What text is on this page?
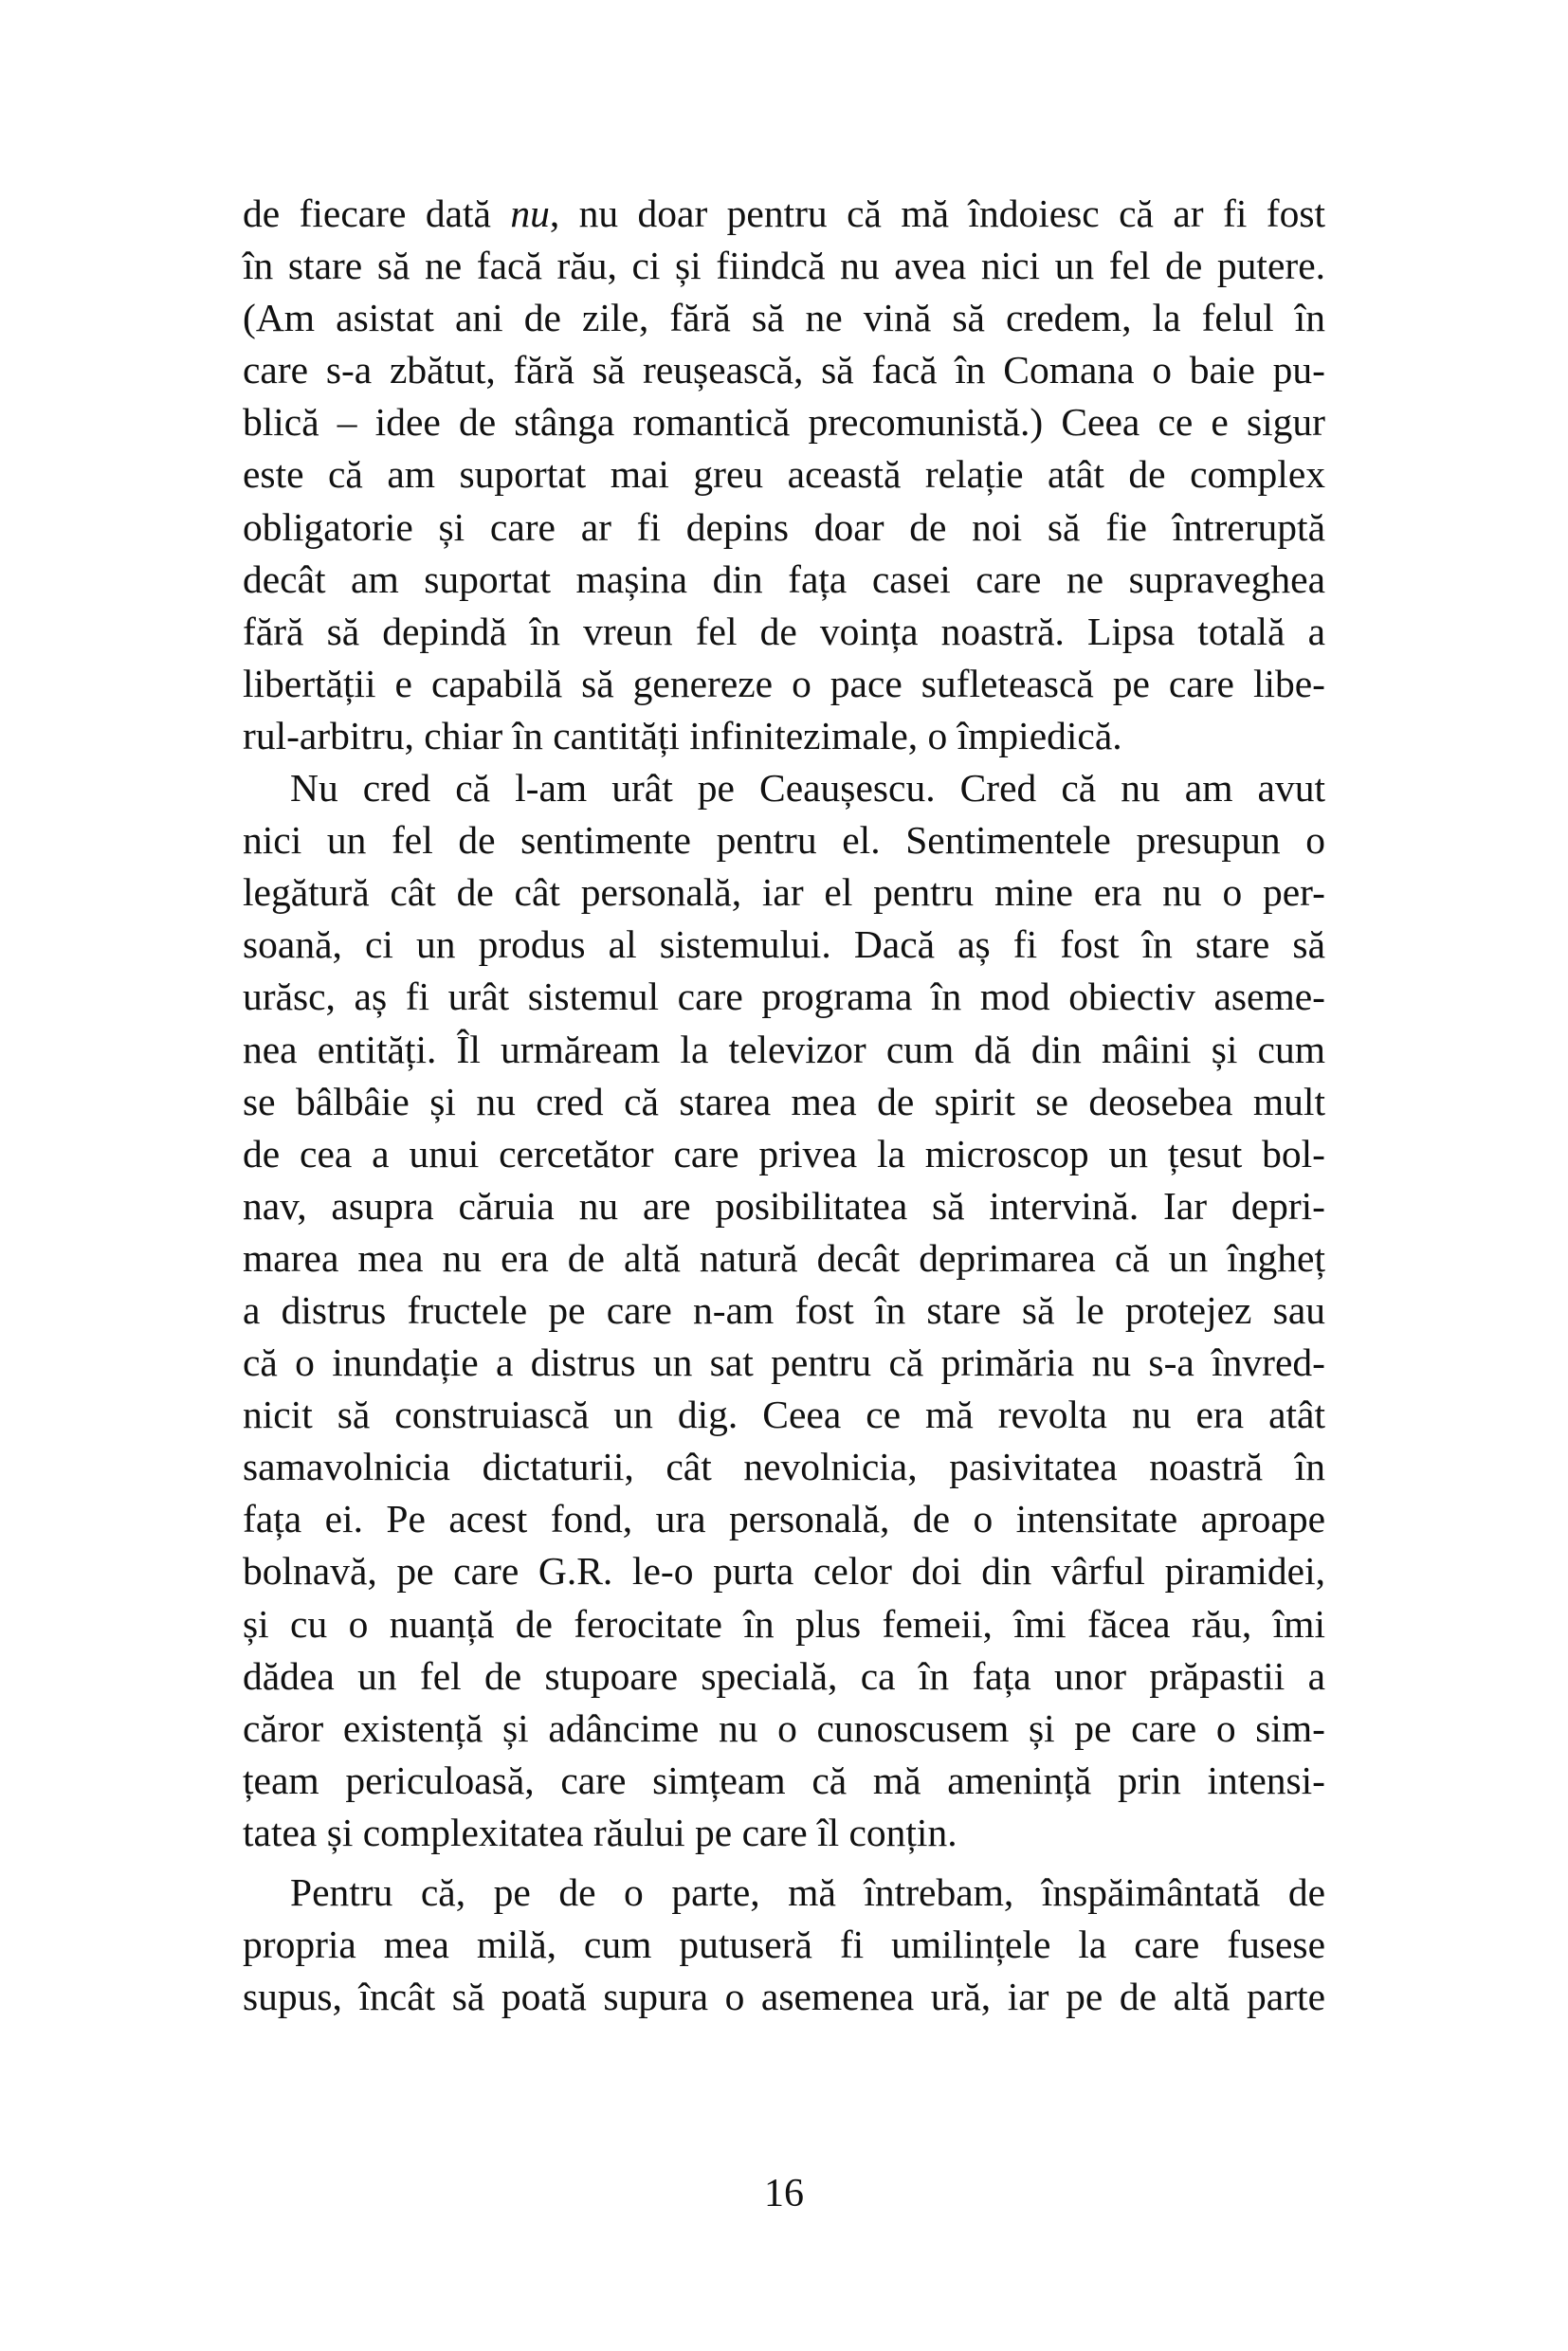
de fiecare dată nu, nu doar pentru că mă îndoiesc că ar fi fost
în stare să ne facă rău, ci și fiindcă nu avea nici un fel de putere.
(Am asistat ani de zile, fără să ne vină să credem, la felul în
care s-a zbătut, fără să reușească, să facă în Comana o baie pu-
blică – idee de stânga romantică precomunistă.) Ceea ce e sigur
este că am suportat mai greu această relație atât de complex
obligatorie și care ar fi depins doar de noi să fie întreruptă
decât am suportat mașina din fața casei care ne supraveghea
fără să depindă în vreun fel de voința noastră. Lipsa totală a
libertății e capabilă să genereze o pace sufletească pe care libe-
rul-arbitru, chiar în cantități infinitezimale, o împiedică.
Nu cred că l-am urât pe Ceaușescu. Cred că nu am avut
nici un fel de sentimente pentru el. Sentimentele presupun o
legătură cât de cât personală, iar el pentru mine era nu o per-
soană, ci un produs al sistemului. Dacă aș fi fost în stare să
urăsc, aș fi urât sistemul care programa în mod obiectiv aseme-
nea entități. Îl urmăream la televizor cum dă din mâini și cum
se bâlbâie și nu cred că starea mea de spirit se deosebea mult
de cea a unui cercetător care privea la microscop un țesut bol-
nav, asupra căruia nu are posibilitatea să intervină. Iar depri-
marea mea nu era de altă natură decât deprimarea că un îngheț
a distrus fructele pe care n-am fost în stare să le protejez sau
că o inundație a distrus un sat pentru că primăria nu s-a învred-
nicit să construiască un dig. Ceea ce mă revolta nu era atât
samavolnicia dictaturii, cât nevolnicia, pasivitatea noastră în
fața ei. Pe acest fond, ura personală, de o intensitate aproape
bolnavă, pe care G.R. le-o purta celor doi din vârful piramidei,
și cu o nuanță de ferocitate în plus femeii, îmi făcea rău, îmi
dădea un fel de stupoare specială, ca în fața unor prăpastii a
căror existență și adâncime nu o cunoscusem și pe care o sim-
țeam periculoasă, care simțeam că mă amenință prin intensi-
tatea și complexitatea răului pe care îl conțin.
Pentru că, pe de o parte, mă întrebam, înspăimântată de
propria mea milă, cum putuseră fi umilințele la care fusese
supus, încât să poată supura o asemenea ură, iar pe de altă parte
16
